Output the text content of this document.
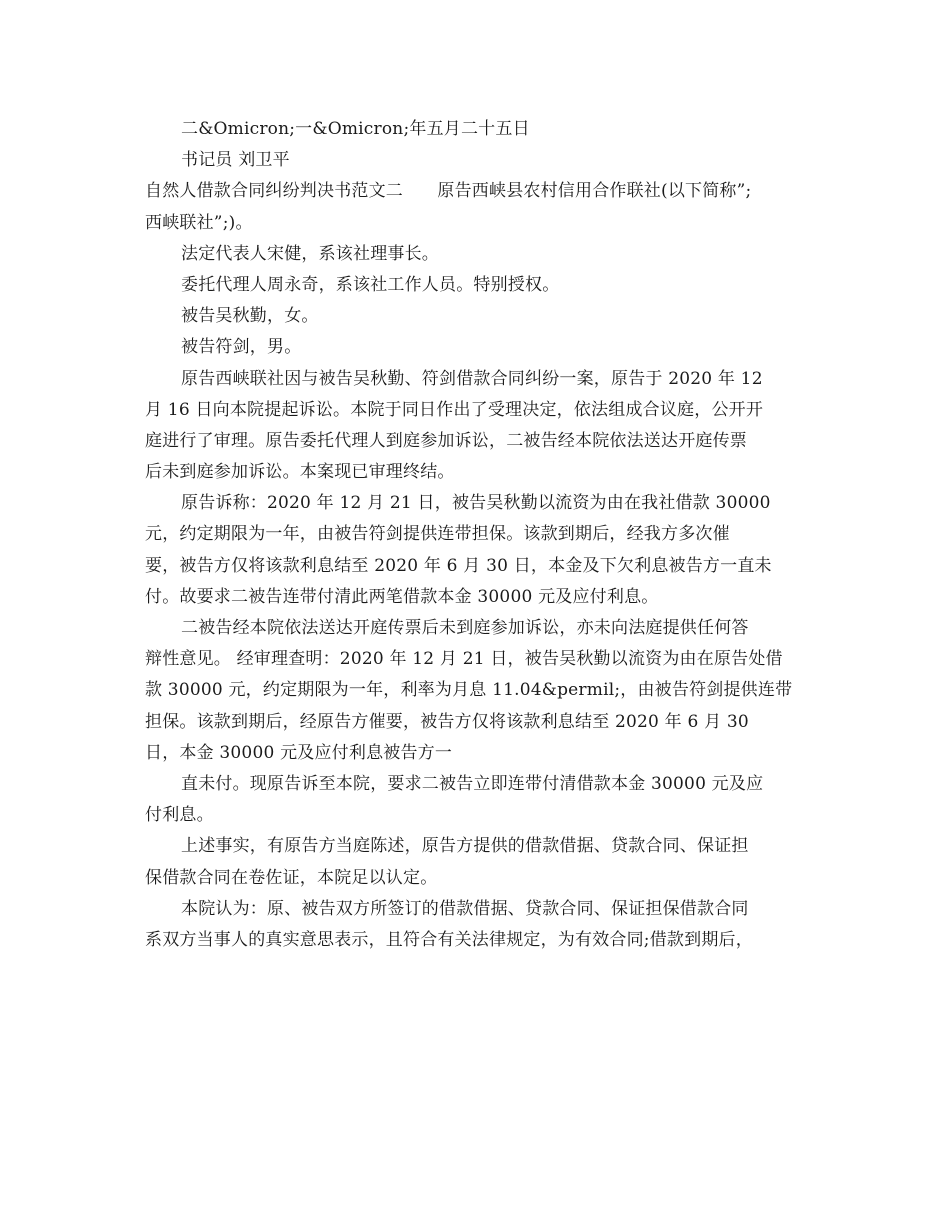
二&Omicron;一&Omicron;年五月二十五日
书记员 刘卫平
自然人借款合同纠纷判决书范文二　　原告西峡县农村信用合作联社(以下简称”;
西峡联社”;)。
法定代表人宋健，系该社理事长。
委托代理人周永奇，系该社工作人员。特别授权。
被告吴秋勤，女。
被告符剑，男。
原告西峡联社因与被告吴秋勤、符剑借款合同纠纷一案，原告于 2020 年 12
月 16 日向本院提起诉讼。本院于同日作出了受理决定，依法组成合议庭，公开开
庭进行了审理。原告委托代理人到庭参加诉讼，二被告经本院依法送达开庭传票
后未到庭参加诉讼。本案现已审理终结。
原告诉称：2020 年 12 月 21 日，被告吴秋勤以流资为由在我社借款 30000
元，约定期限为一年，由被告符剑提供连带担保。该款到期后，经我方多次催
要，被告方仅将该款利息结至 2020 年 6 月 30 日，本金及下欠利息被告方一直未
付。故要求二被告连带付清此两笔借款本金 30000 元及应付利息。
二被告经本院依法送达开庭传票后未到庭参加诉讼，亦未向法庭提供任何答
辩性意见。 经审理查明：2020 年 12 月 21 日，被告吴秋勤以流资为由在原告处借
款 30000 元，约定期限为一年，利率为月息 11.04&permil;，由被告符剑提供连带
担保。该款到期后，经原告方催要，被告方仅将该款利息结至 2020 年 6 月 30
日，本金 30000 元及应付利息被告方一
直未付。现原告诉至本院，要求二被告立即连带付清借款本金 30000 元及应
付利息。
上述事实，有原告方当庭陈述，原告方提供的借款借据、贷款合同、保证担
保借款合同在卷佐证，本院足以认定。
本院认为：原、被告双方所签订的借款借据、贷款合同、保证担保借款合同
系双方当事人的真实意思表示，且符合有关法律规定，为有效合同;借款到期后，
